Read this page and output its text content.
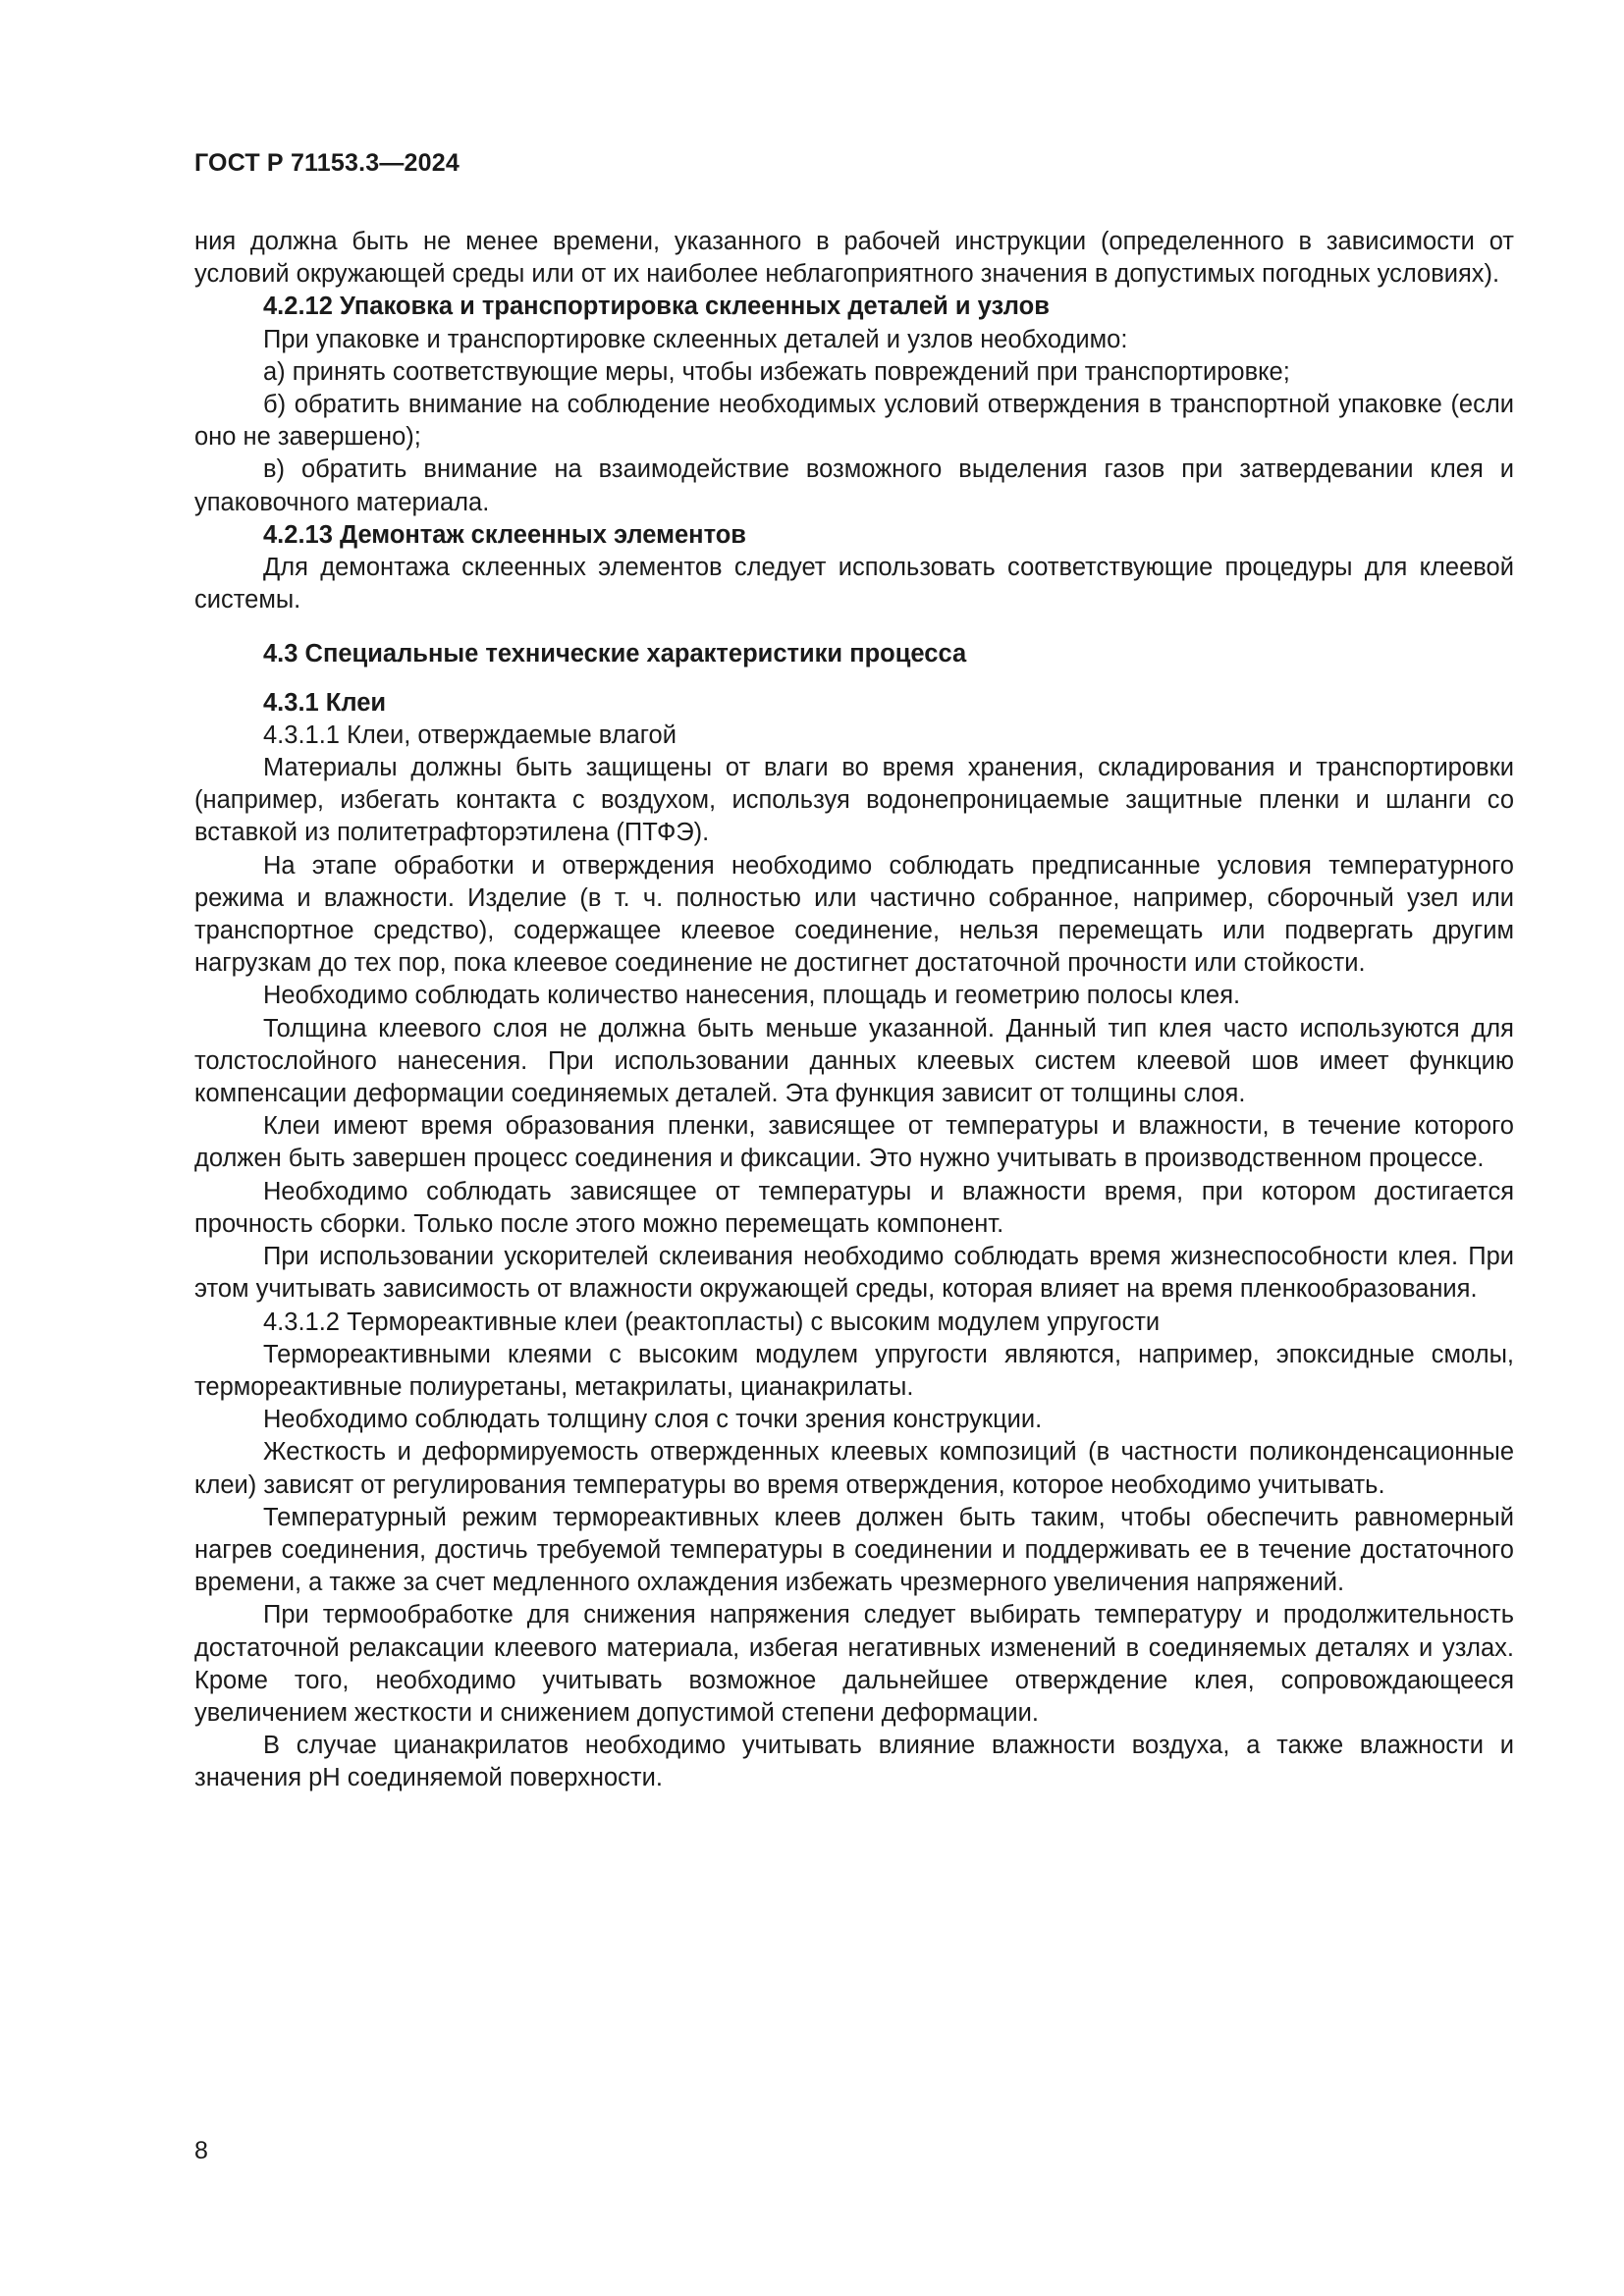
ГОСТ Р 71153.3—2024

ния должна быть не менее времени, указанного в рабочей инструкции (определенного в зависимости от условий окружающей среды или от их наиболее неблагоприятного значения в допустимых погодных условиях).

4.2.12 Упаковка и транспортировка склеенных деталей и узлов

При упаковке и транспортировке склеенных деталей и узлов необходимо:

а) принять соответствующие меры, чтобы избежать повреждений при транспортировке;

б) обратить внимание на соблюдение необходимых условий отверждения в транспортной упаковке (если оно не завершено);

в) обратить внимание на взаимодействие возможного выделения газов при затвердевании клея и упаковочного материала.

4.2.13 Демонтаж склеенных элементов

Для демонтажа склеенных элементов следует использовать соответствующие процедуры для клеевой системы.

4.3 Специальные технические характеристики процесса
4.3.1 Клеи

4.3.1.1 Клеи, отверждаемые влагой

Материалы должны быть защищены от влаги во время хранения, складирования и транспортировки (например, избегать контакта с воздухом, используя водонепроницаемые защитные пленки и шланги со вставкой из политетрафторэтилена (ПТФЭ).

На этапе обработки и отверждения необходимо соблюдать предписанные условия температурного режима и влажности. Изделие (в т. ч. полностью или частично собранное, например, сборочный узел или транспортное средство), содержащее клеевое соединение, нельзя перемещать или подвергать другим нагрузкам до тех пор, пока клеевое соединение не достигнет достаточной прочности или стойкости.

Необходимо соблюдать количество нанесения, площадь и геометрию полосы клея.

Толщина клеевого слоя не должна быть меньше указанной. Данный тип клея часто используются для толстослойного нанесения. При использовании данных клеевых систем клеевой шов имеет функцию компенсации деформации соединяемых деталей. Эта функция зависит от толщины слоя.

Клеи имеют время образования пленки, зависящее от температуры и влажности, в течение которого должен быть завершен процесс соединения и фиксации. Это нужно учитывать в производственном процессе.

Необходимо соблюдать зависящее от температуры и влажности время, при котором достигается прочность сборки. Только после этого можно перемещать компонент.

При использовании ускорителей склеивания необходимо соблюдать время жизнеспособности клея. При этом учитывать зависимость от влажности окружающей среды, которая влияет на время пленкообразования.

4.3.1.2 Термореактивные клеи (реактопласты) с высоким модулем упругости

Термореактивными клеями с высоким модулем упругости являются, например, эпоксидные смолы, термореактивные полиуретаны, метакрилаты, цианакрилаты.

Необходимо соблюдать толщину слоя с точки зрения конструкции.

Жесткость и деформируемость отвержденных клеевых композиций (в частности поликонденсационные клеи) зависят от регулирования температуры во время отверждения, которое необходимо учитывать.

Температурный режим термореактивных клеев должен быть таким, чтобы обеспечить равномерный нагрев соединения, достичь требуемой температуры в соединении и поддерживать ее в течение достаточного времени, а также за счет медленного охлаждения избежать чрезмерного увеличения напряжений.

При термообработке для снижения напряжения следует выбирать температуру и продолжительность достаточной релаксации клеевого материала, избегая негативных изменений в соединяемых деталях и узлах. Кроме того, необходимо учитывать возможное дальнейшее отверждение клея, сопровождающееся увеличением жесткости и снижением допустимой степени деформации.

В случае цианакрилатов необходимо учитывать влияние влажности воздуха, а также влажности и значения pH соединяемой поверхности.

8
